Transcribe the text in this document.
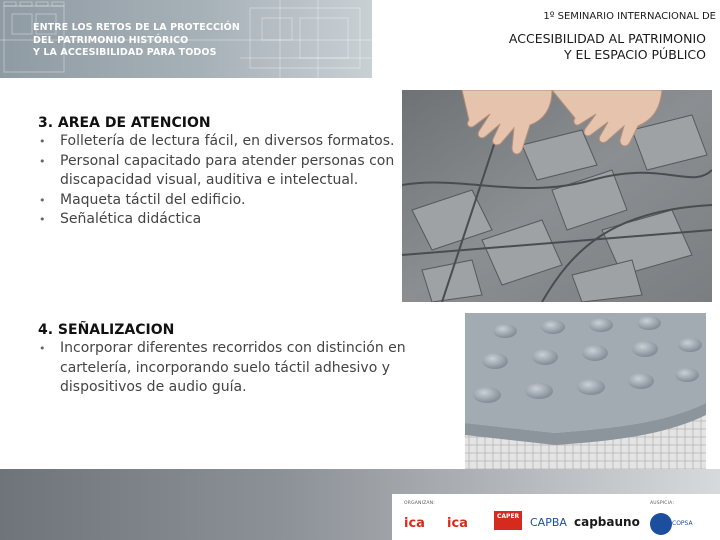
ENTRE LOS RETOS DE LA PROTECCIÓN
DEL PATRIMONIO HISTÓRICO
Y LA ACCESIBILIDAD PARA TODOS
1º SEMINARIO INTERNACIONAL DE
ACCESIBILIDAD AL PATRIMONIO
Y EL ESPACIO PÚBLICO
3. AREA DE ATENCION
• Folletería de lectura fácil, en diversos formatos.
• Personal capacitado para atender personas con discapacidad visual, auditiva e intelectual.
• Maqueta táctil del edificio.
• Señalética didáctica
4. SEÑALIZACION
• Incorporar diferentes recorridos con distinción en cartelería, incorporando suelo táctil adhesivo y dispositivos de audio guía.
ORGANIZAN:	AUSPICIA:
ica ica	CAPER CAPBA capbauno	COPSA
